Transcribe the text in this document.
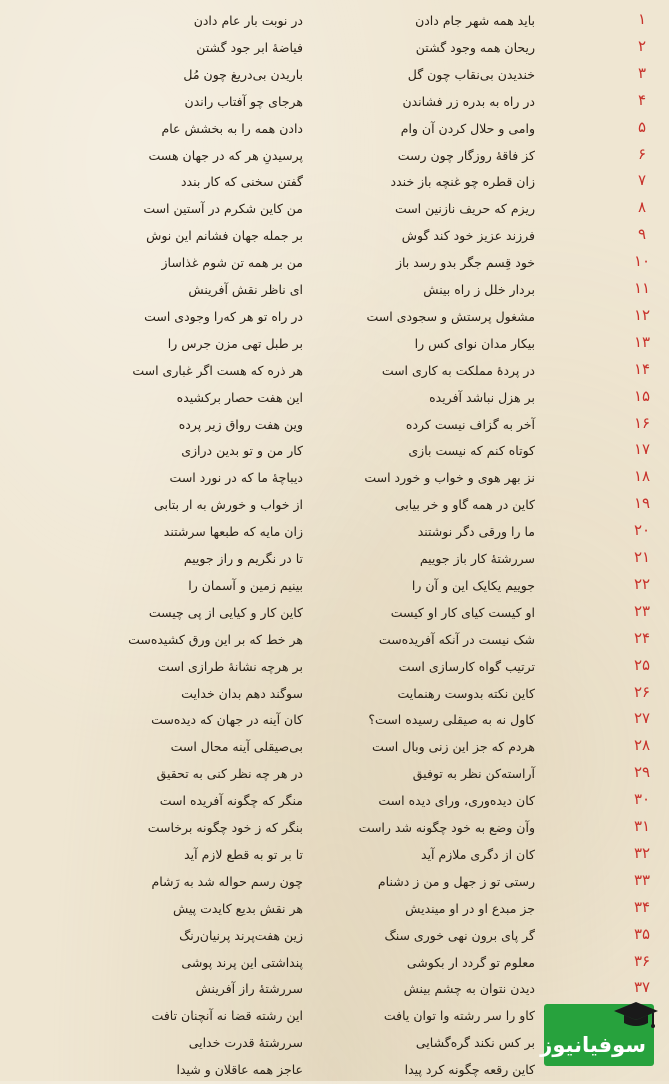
۱
در نوبت بار عام دادن	باید همه شهر جام دادن
۲
فیاضهٔ ابر جود گشتن	ریحان همه وجود گشتن
۳
باریدن بی‌دریغ چون مُل	خندیدن بی‌نقاب چون گل
۴
هرجای چو آفتاب راندن	در راه به بدره زر فشاندن
۵
دادن همه را به بخشش عام	وامی و حلال کردن آن وام
۶
پرسیدنِ هر که در جهان هست	کز فاقهٔ روزگار چون رست
۷
گفتن سخنی که کار بندد	زان قطره چو غنچه باز خندد
۸
من کاین شکرم در آستین است	ریزم که حریف نازنین است
۹
بر جمله جهان فشانم این نوش	فرزند عزیز خود کند گوش
۱۰
من بر همه تن شوم غذاساز	خود قِسم جگر بدو رسد باز
۱۱
ای ناظر نقش آفرینش	بردار خلل ز راه بینش
۱۲
در راه تو هر کەرا وجودی است	مشغول پرستش و سجودی است
۱۳
بر طبل تهی مزن جرس را	بیکار مدان نوای کس را
۱۴
هر ذره که هست اگر غباری است	در پردهٔ مملکت به کاری است
۱۵
این هفت حصار برکشیده	بر هزل نباشد آفریده
۱۶
وین هفت رواق زیر پرده	آخر به گزاف نیست کرده
۱۷
کار من و تو بدین درازی	کوتاه کنم که نیست بازی
۱۸
دیباچهٔ ما که در نورد است	نز بهر هوی و خواب و خورد است
۱۹
از خواب و خورش به ار بتابی	کاین در همه گاو و خر بیابی
۲۰
زان مایه که طبعها سرشتند	ما را ورقی دگر نوشتند
۲۱
تا در نگریم و راز جوییم	سررشتهٔ کار باز جوییم
۲۲
بینیم زمین و آسمان را	جوییم یکایک این و آن را
۲۳
کاین کار و کیایی از پی چیست	او کیست کیای کار او کیست
۲۴
هر خط که بر این ورق کشیده‌ست	شک نیست در آنکه آفریده‌ست
۲۵
بر هرچه نشانهٔ طرازی است	ترتیب گواه کارسازی است
۲۶
سوگند دهم بدان خدایت	کاین نکته بدوست رهنمایت
۲۷
کان آینه در جهان که دیده‌ست	کاول نه به صیقلی رسیده است؟
۲۸
بی‌صیقلی آینه محال است	هردم که جز این زنی وبال است
۲۹
در هر چه نظر کنی به تحقیق	آراسته‌کن نظر به توفیق
۳۰
منگر که چگونه آفریده است	کان دیده‌وری، ورای دیده است
۳۱
بنگر که ز خود چگونه برخاست	وآن وضع به خود چگونه شد راست
۳۲
تا بر تو به قطع لازم آید	کان از دگری ملازم آید
۳۳
چون رسم حواله شد به رَشام	رستی تو ز جهل و من ز دشنام
۳۴
هر نقش بدیع کایدت پیش	جز مبدع او در او میندیش
۳۵
زین هفت‌پرند پرنیان‌رنگ	گر پای برون نهی خوری سنگ
۳۶
پنداشتی این پرند پوشی	معلوم تو گردد ار بکوشی
۳۷
سررشتهٔ راز آفرینش	دیدن نتوان به چشم بینش
این رشته قضا نه آنچنان تافت	کاو را سر رشته وا توان یافت
سررشتهٔ قدرت خدایی	بر کس نکند گره‌گشایی
عاجز همه عاقلان و شیدا	کاین رقعه چگونه کرد پیدا
سوفیانیوز
